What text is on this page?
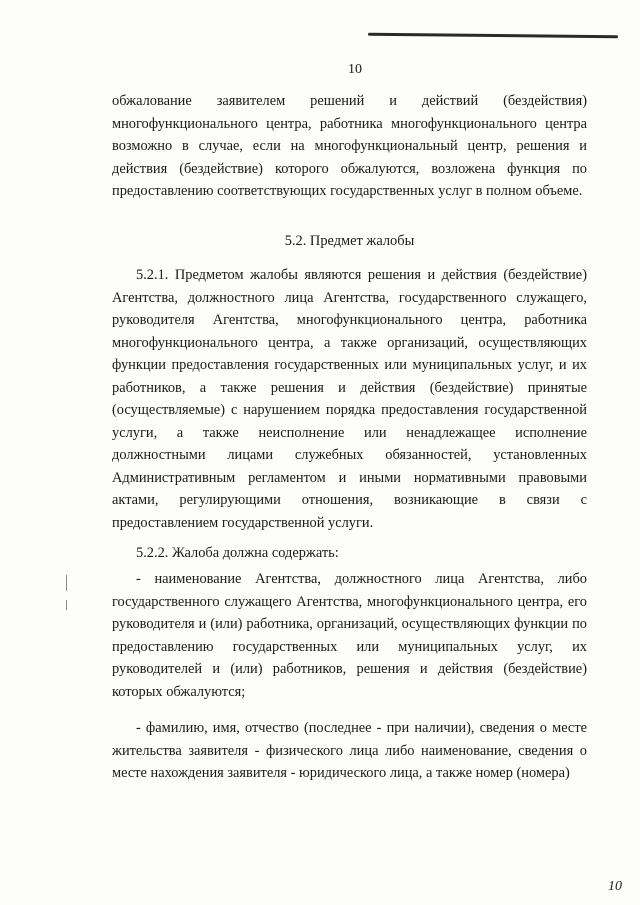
10

обжалование заявителем решений и действий (бездействия) многофункционального центра, работника многофункционального центра возможно в случае, если на многофункциональный центр, решения и действия (бездействие) которого обжалуются, возложена функция по предоставлению соответствующих государственных услуг в полном объеме.

5.2. Предмет жалобы

5.2.1. Предметом жалобы являются решения и действия (бездействие) Агентства, должностного лица Агентства, государственного служащего, руководителя Агентства, многофункционального центра, работника многофункционального центра, а также организаций, осуществляющих функции предоставления государственных или муниципальных услуг, и их работников, а также решения и действия (бездействие) принятые (осуществляемые) с нарушением порядка предоставления государственной услуги, а также неисполнение или ненадлежащее исполнение должностными лицами служебных обязанностей, установленных Административным регламентом и иными нормативными правовыми актами, регулирующими отношения, возникающие в связи с предоставлением государственной услуги.

5.2.2. Жалоба должна содержать:

- наименование Агентства, должностного лица Агентства, либо государственного служащего Агентства, многофункционального центра, его руководителя и (или) работника, организаций, осуществляющих функции по предоставлению государственных или муниципальных услуг, их руководителей и (или) работников, решения и действия (бездействие) которых обжалуются;

- фамилию, имя, отчество (последнее - при наличии), сведения о месте жительства заявителя - физического лица либо наименование, сведения о месте нахождения заявителя - юридического лица, а также номер (номера)

10
